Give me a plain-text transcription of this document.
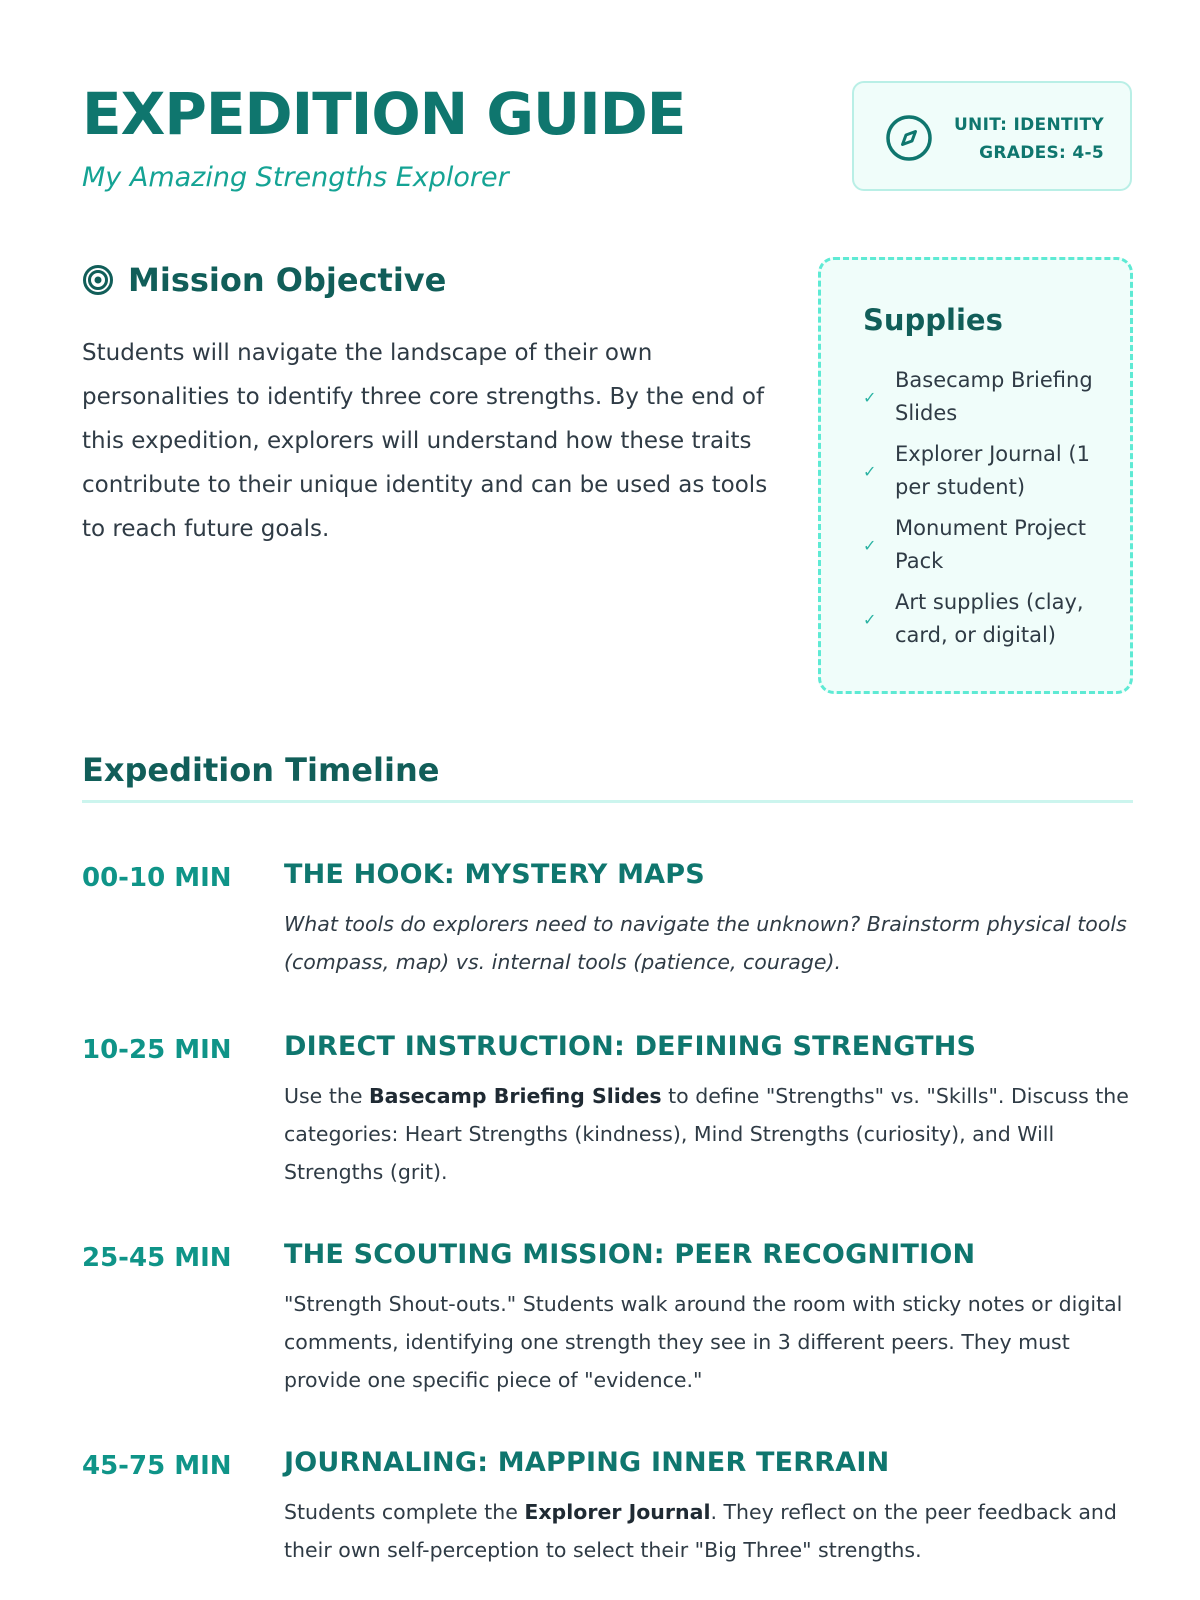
EXPEDITION GUIDE

My Amazing Strengths Explorer

UNIT: IDENTITY
GRADES: 4-5
Mission Objective

Students will navigate the landscape of their own personalities to identify three core strengths. By the end of this expedition, explorers will understand how these traits contribute to their unique identity and can be used as tools to reach future goals.

Supplies
✓
Basecamp Briefing Slides
✓
Explorer Journal (1 per student)
✓
Monument Project Pack
✓
Art supplies (clay, card, or digital)
Expedition Timeline
00-10 MIN	THE HOOK: MYSTERY MAPS

What tools do explorers need to navigate the unknown? Brainstorm physical tools (compass, map) vs. internal tools (patience, courage).

10-25 MIN	DIRECT INSTRUCTION: DEFINING STRENGTHS

Use the Basecamp Briefing Slides to define "Strengths" vs. "Skills". Discuss the categories: Heart Strengths (kindness), Mind Strengths (curiosity), and Will Strengths (grit).

25-45 MIN	THE SCOUTING MISSION: PEER RECOGNITION

"Strength Shout-outs." Students walk around the room with sticky notes or digital comments, identifying one strength they see in 3 different peers. They must provide one specific piece of "evidence."

45-75 MIN	JOURNALING: MAPPING INNER TERRAIN

Students complete the Explorer Journal. They reflect on the peer feedback and their own self-perception to select their "Big Three" strengths.
